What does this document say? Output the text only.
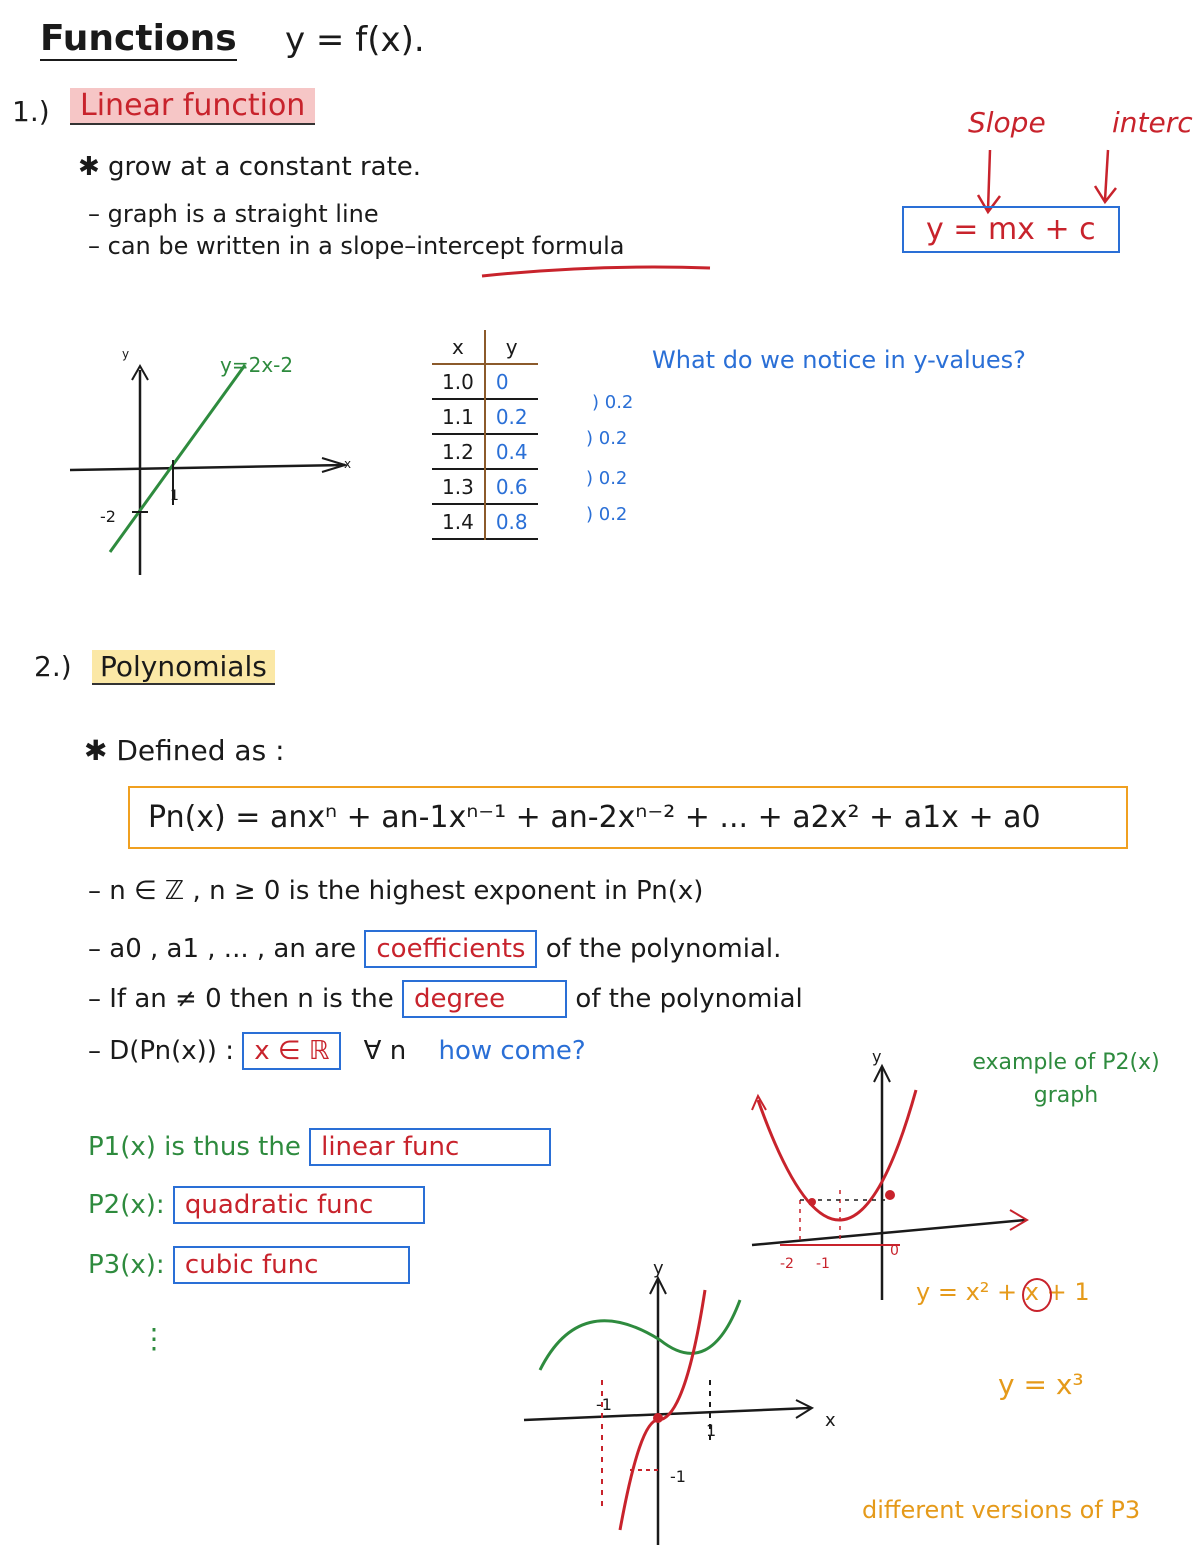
Functions y = f(x).
1.)	Linear function	Slope interc
✱ grow at a constant rate.
– graph is a straight line
– can be written in a slope–intercept formula	y = mx + c
y=2x-2
-2
1
y
x
x	y
1.0	0
1.1	0.2
1.2	0.4
1.3	0.6
1.4	0.8
) 0.2
) 0.2
) 0.2
) 0.2
What do we notice in y-values?
2.) Polynomials
✱ Defined as :
Pn(x) = anxⁿ + an-1xⁿ⁻¹ + an-2xⁿ⁻² + ... + a2x² + a1x + a0
– n ∈ ℤ , n ≥ 0 is the highest exponent in Pn(x)
– a0 , a1 , ... , an are coefficients of the polynomial.
– If an ≠ 0 then n is the degree	of the polynomial
– D(Pn(x)) : x ∈ ℝ ∀ n how come?
P1(x) is thus the linear func
P2(x): quadratic func
P3(x): cubic func
⋮
y
-2 -1
0
example of P2(x) graph
y = x² + x + 1
y
x
-1
1
-1
y = x³
different versions of P3
